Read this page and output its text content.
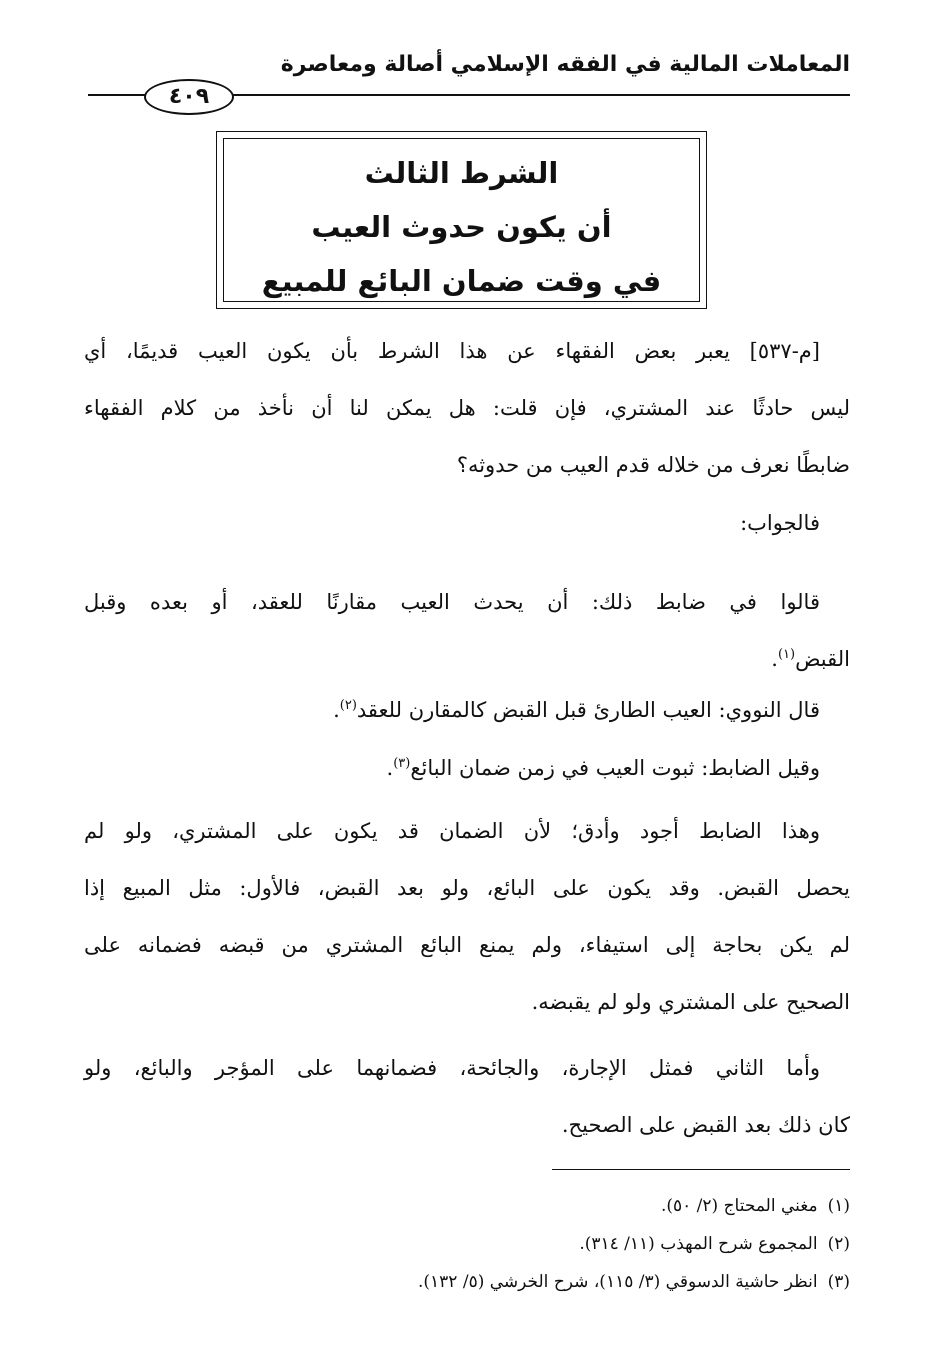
المعاملات المالية في الفقه الإسلامي أصالة ومعاصرة
٤٠٩
الشرط الثالث
أن يكون حدوث العيب
في وقت ضمان البائع للمبيع
[م-٥٣٧] يعبر بعض الفقهاء عن هذا الشرط بأن يكون العيب قديمًا، أي
ليس حادثًا عند المشتري، فإن قلت: هل يمكن لنا أن نأخذ من كلام الفقهاء
ضابطًا نعرف من خلاله قدم العيب من حدوثه؟
فالجواب:
قالوا في ضابط ذلك: أن يحدث العيب مقارنًا للعقد، أو بعده وقبل
القبض$^{(١)}$.
قال النووي: العيب الطارئ قبل القبض كالمقارن للعقد$^{(٢)}$.
وقيل الضابط: ثبوت العيب في زمن ضمان البائع$^{(٣)}$.
وهذا الضابط أجود وأدق؛ لأن الضمان قد يكون على المشتري، ولو لم
يحصل القبض. وقد يكون على البائع، ولو بعد القبض، فالأول: مثل المبيع إذا
لم يكن بحاجة إلى استيفاء، ولم يمنع البائع المشتري من قبضه فضمانه على
الصحيح على المشتري ولو لم يقبضه.
وأما الثاني فمثل الإجارة، والجائحة، فضمانهما على المؤجر والبائع، ولو
كان ذلك بعد القبض على الصحيح.
(١)مغني المحتاج (٢/ ٥٠).
(٢)المجموع شرح المهذب (١١/ ٣١٤).
(٣)انظر حاشية الدسوقي (٣/ ١١٥)، شرح الخرشي (٥/ ١٣٢).
